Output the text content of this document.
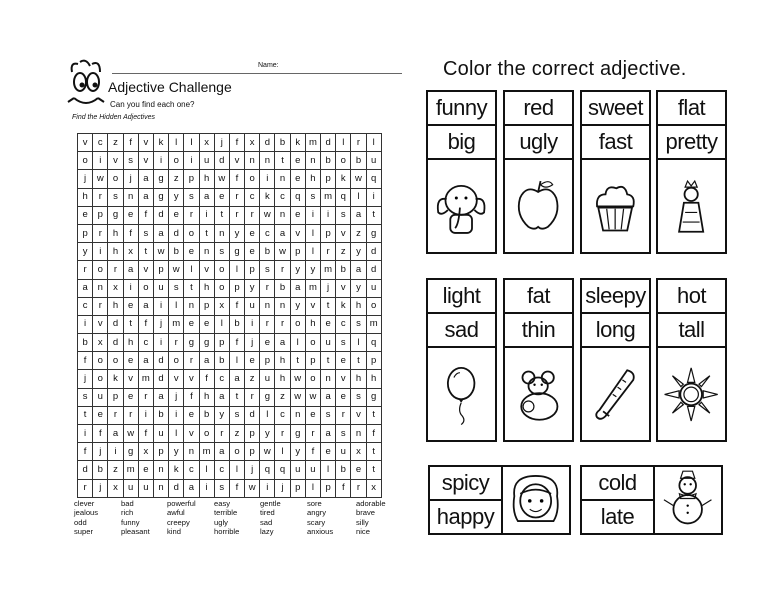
Name:
Adjective Challenge
Can you find each one?
Find the Hidden Adjectives
v	c	z	f	v	k	l	I	x	j	f	x	d	b	k	m	d	l	r	l
o	i	v	s	v	i	o	i	u	d	v	n	n	t	e	n	b	o	b	u
j	w	o	j	a	g	z	p	h	w	f	o	i	n	e	h	p	k	w	q
h	r	s	n	a	g	y	s	a	e	r	c	k	c	q	s	m	q	l	i
e	p	g	e	f	d	e	r	i	t	r	r	w	n	e	i	i	s	a	t
p	r	h	f	s	a	d	o	t	n	y	e	c	a	v	l	p	v	z	g
y	i	h	x	t	w	b	e	n	s	g	e	b	w	p	l	r	z	y	d
r	o	r	a	v	p	w	l	v	o	l	p	s	r	y	y	m	b	a	d
a	n	x	i	o	u	s	t	h	o	p	y	r	b	a	m	j	v	y	u
c	r	h	e	a	i	l	n	p	x	f	u	n	n	y	v	t	k	h	o
i	v	d	t	f	j	m	e	e	l	b	i	r	r	o	h	e	c	s	m
b	x	d	h	c	i	r	g	g	p	f	j	e	a	l	o	u	s	l	q
f	o	o	e	a	d	o	r	a	b	l	e	p	h	t	p	t	e	t	p
j	o	k	v	m	d	v	v	f	c	a	z	u	h	w	o	n	v	h	h
s	u	p	e	r	a	j	f	h	a	t	r	g	z	w	w	a	e	s	g
t	e	r	r	i	b	i	e	b	y	s	d	l	c	n	e	s	r	v	t
i	f	a	w	f	u	l	v	o	r	z	p	y	r	g	r	a	s	n	f
f	j	i	g	x	p	y	n	m	a	o	p	w	l	y	f	e	u	x	t
d	b	z	m	e	n	k	c	l	c	l	j	q	q	u	u	l	b	e	t
r	j	x	u	u	n	d	a	i	s	f	w	i	j	p	l	p	f	r	x
clever	bad	powerful	easy	gentle	sore	adorable
jealous	rich	awful	terrible	tired	angry	brave
odd	funny	creepy	ugly	sad	scary	silly
super	pleasant	kind	horrible	lazy	anxious	nice
Color the correct adjective.
funny
big
red
ugly
sweet
fast
flat
pretty
light
sad
fat
thin
sleepy
long
hot
tall
spicy
happy
cold
late
